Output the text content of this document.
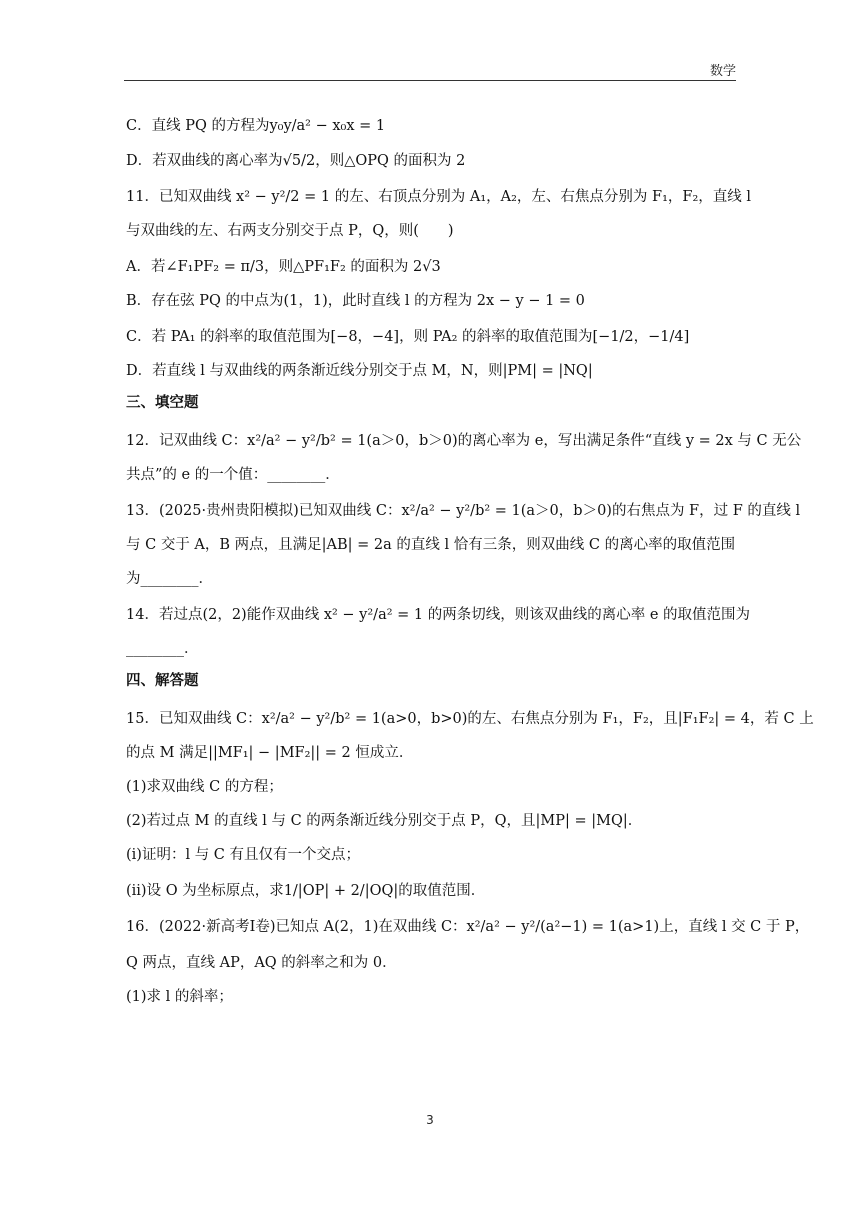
数学
C．直线 PQ 的方程为y₀y/a² − x₀x = 1
D．若双曲线的离心率为√5/2，则△OPQ 的面积为 2
11．已知双曲线 x² − y²/2 = 1 的左、右顶点分别为 A₁，A₂，左、右焦点分别为 F₁，F₂，直线 l
与双曲线的左、右两支分别交于点 P，Q，则(　　)
A．若∠F₁PF₂ = π/3，则△PF₁F₂ 的面积为 2√3
B．存在弦 PQ 的中点为(1，1)，此时直线 l 的方程为 2x − y − 1 = 0
C．若 PA₁ 的斜率的取值范围为[−8，−4]，则 PA₂ 的斜率的取值范围为[−1/2，−1/4]
D．若直线 l 与双曲线的两条渐近线分别交于点 M，N，则|PM| = |NQ|
三、填空题
12．记双曲线 C：x²/a² − y²/b² = 1(a＞0，b＞0)的离心率为 e，写出满足条件“直线 y = 2x 与 C 无公
共点”的 e 的一个值：________．
13．(2025·贵州贵阳模拟)已知双曲线 C：x²/a² − y²/b² = 1(a＞0，b＞0)的右焦点为 F，过 F 的直线 l
与 C 交于 A，B 两点，且满足|AB| = 2a 的直线 l 恰有三条，则双曲线 C 的离心率的取值范围
为________．
14．若过点(2，2)能作双曲线 x² − y²/a² = 1 的两条切线，则该双曲线的离心率 e 的取值范围为
________．
四、解答题
15．已知双曲线 C：x²/a² − y²/b² = 1(a>0，b>0)的左、右焦点分别为 F₁，F₂，且|F₁F₂| = 4，若 C 上
的点 M 满足||MF₁| − |MF₂|| = 2 恒成立．
(1)求双曲线 C 的方程；
(2)若过点 M 的直线 l 与 C 的两条渐近线分别交于点 P，Q，且|MP| = |MQ|．
(ⅰ)证明：l 与 C 有且仅有一个交点；
(ⅱ)设 O 为坐标原点，求1/|OP| + 2/|OQ|的取值范围．
16．(2022·新高考Ⅰ卷)已知点 A(2，1)在双曲线 C：x²/a² − y²/(a²−1) = 1(a>1)上，直线 l 交 C 于 P，
Q 两点，直线 AP，AQ 的斜率之和为 0．
(1)求 l 的斜率；
3
